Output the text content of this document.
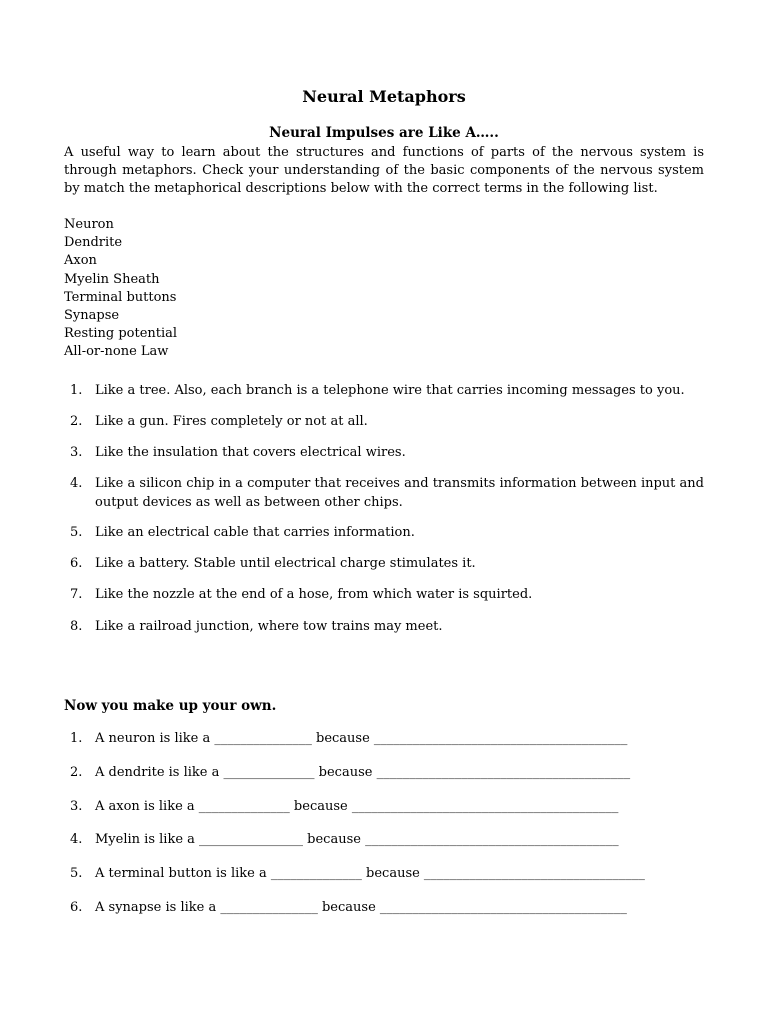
Neural Metaphors
Neural Impulses are Like A…..

A useful way to learn about the structures and functions of parts of the nervous system is through metaphors. Check your understanding of the basic components of the nervous system by match the metaphorical descriptions below with the correct terms in the following list.

Neuron
Dendrite
Axon
Myelin Sheath
Terminal buttons
Synapse
Resting potential
All-or-none Law
1. Like a tree. Also, each branch is a telephone wire that carries incoming messages to you.
2. Like a gun. Fires completely or not at all.
3. Like the insulation that covers electrical wires.
4. Like a silicon chip in a computer that receives and transmits information between input and output devices as well as between other chips.
5. Like an electrical cable that carries information.
6. Like a battery. Stable until electrical charge stimulates it.
7. Like the nozzle at the end of a hose, from which water is squirted.
8. Like a railroad junction, where tow trains may meet.
Now you make up your own.
1. A neuron is like a _______________ because _______________________________________
2. A dendrite is like a ______________ because _______________________________________
3. A axon is like a ______________ because _________________________________________
4. Myelin is like a ________________ because _______________________________________
5. A terminal button is like a ______________ because __________________________________
6. A synapse is like a _______________ because ______________________________________
